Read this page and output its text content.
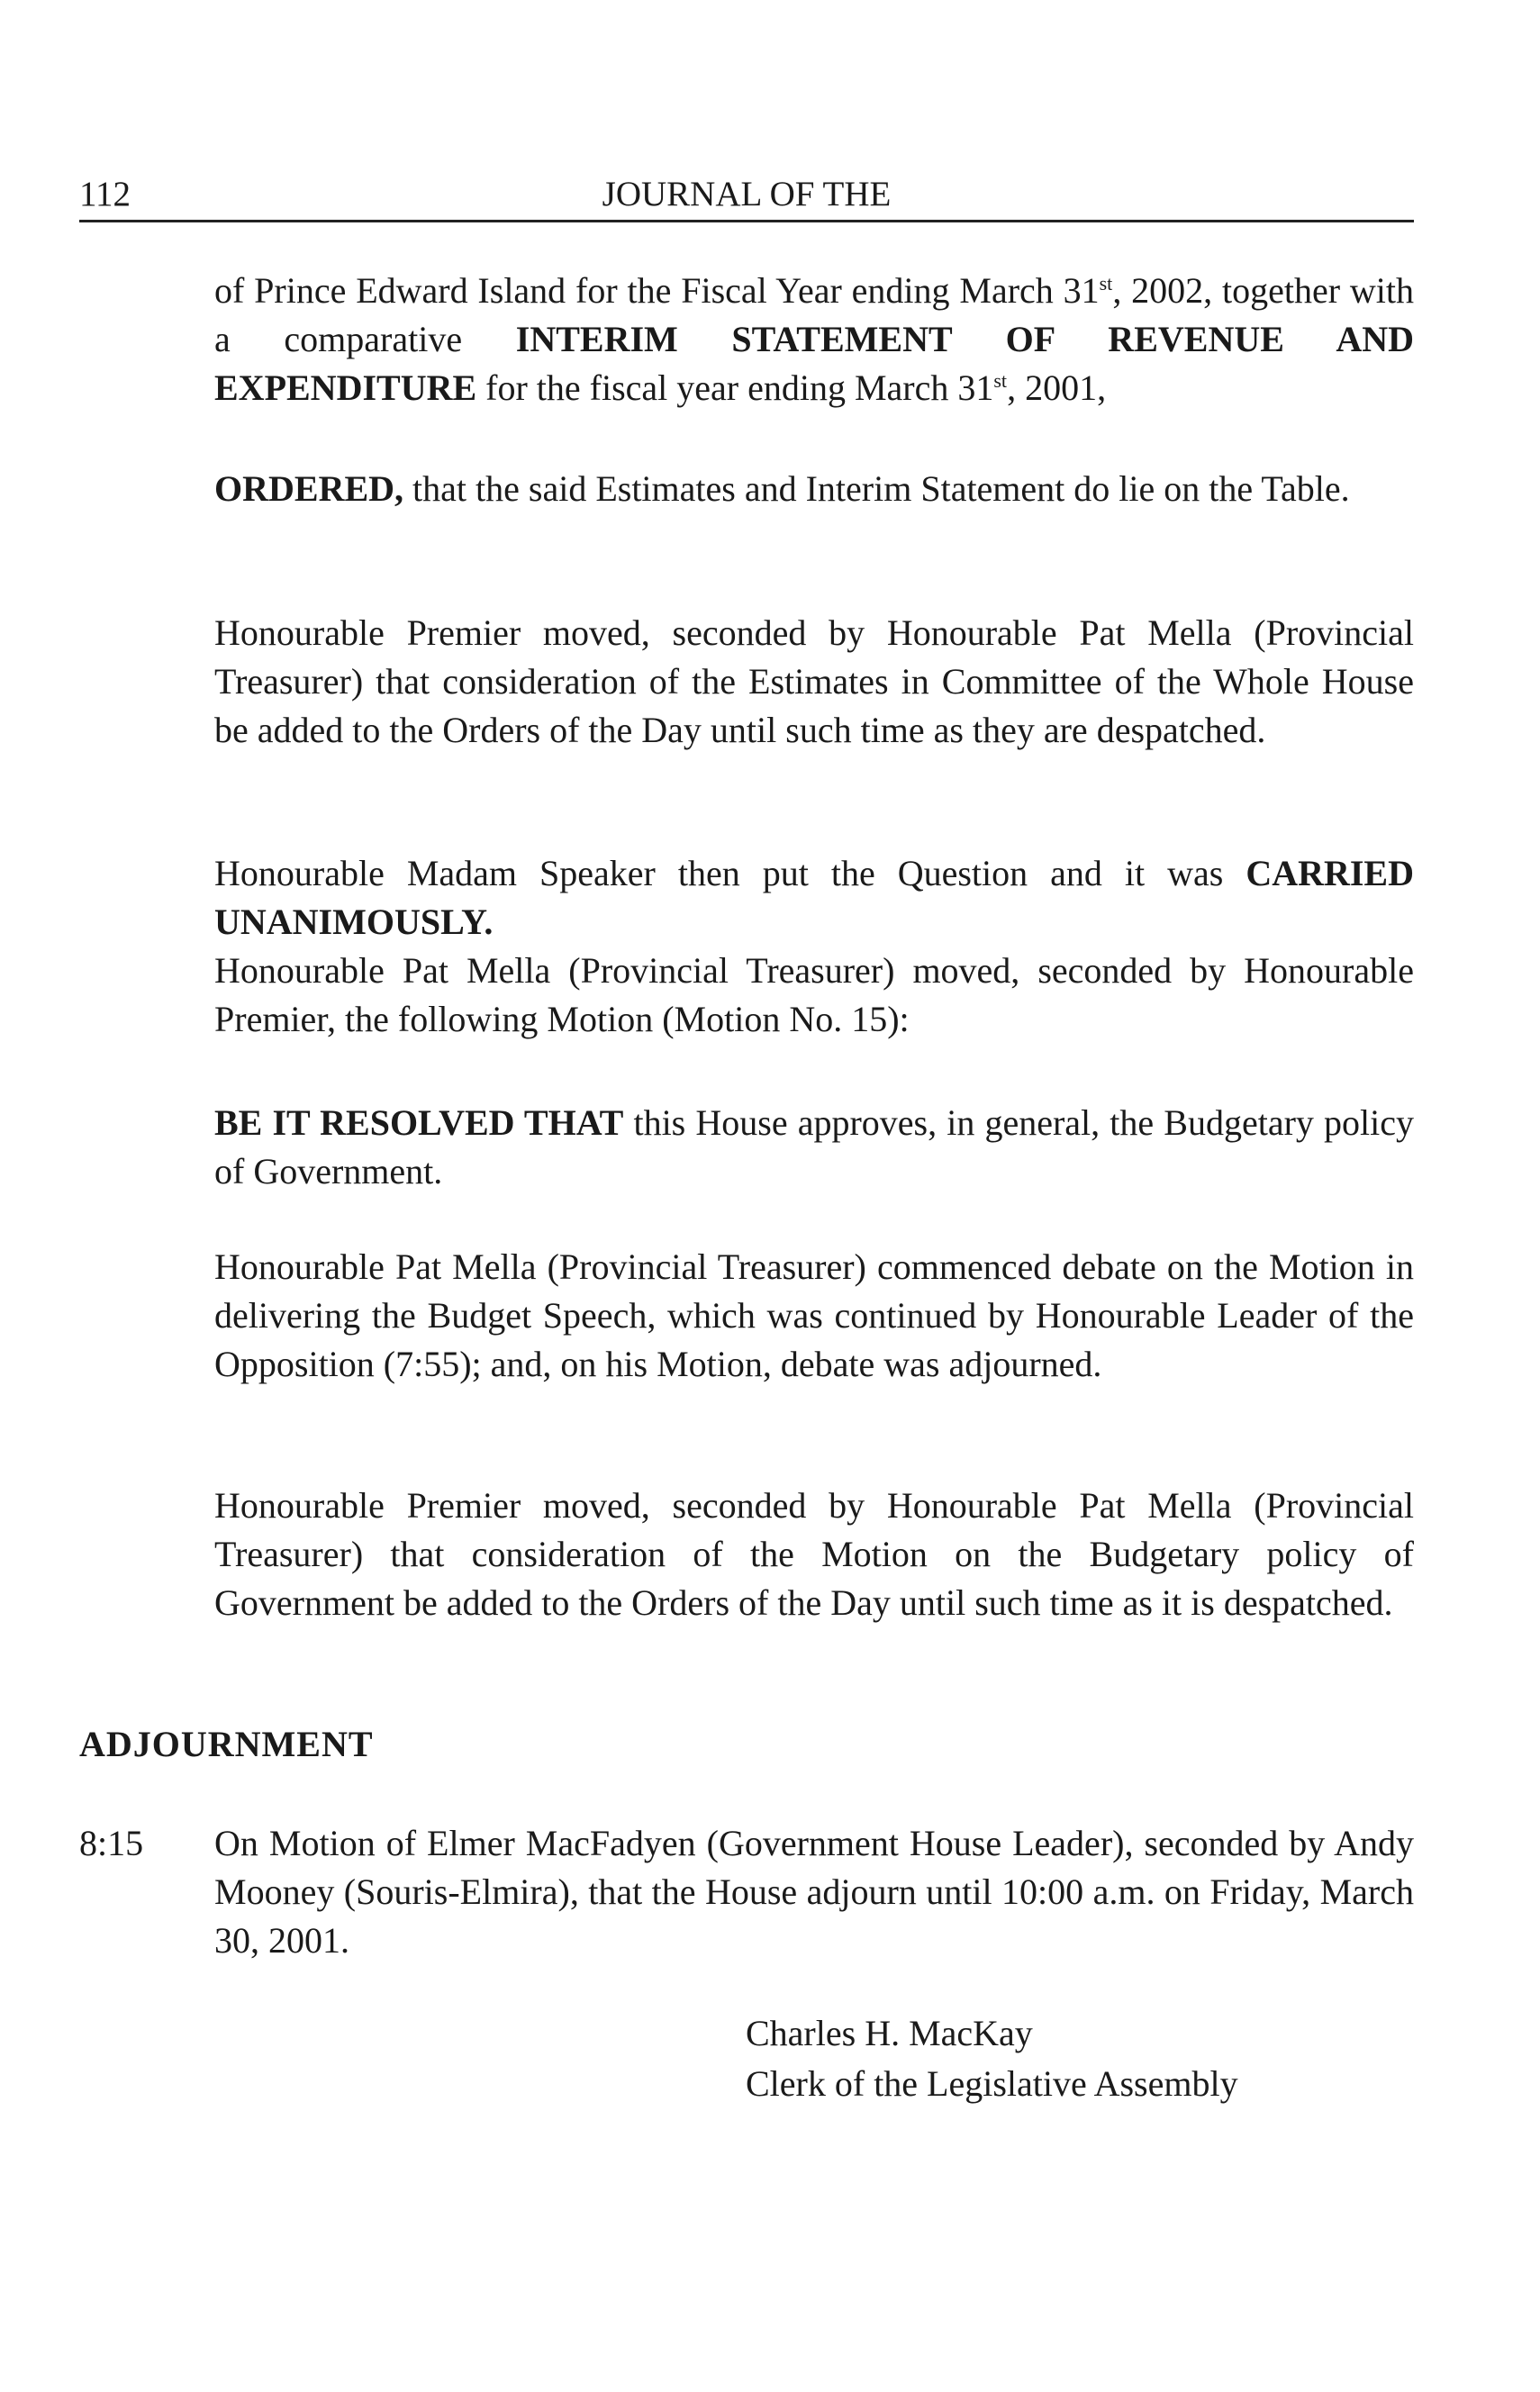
112	JOURNAL OF THE

of Prince Edward Island for the Fiscal Year ending March 31st, 2002, together with a comparative INTERIM STATEMENT OF REVENUE AND EXPENDITURE for the fiscal year ending March 31st, 2001,

ORDERED, that the said Estimates and Interim Statement do lie on the Table.

Honourable Premier moved, seconded by Honourable Pat Mella (Provincial Treasurer) that consideration of the Estimates in Committee of the Whole House be added to the Orders of the Day until such time as they are despatched.

Honourable Madam Speaker then put the Question and it was CARRIED UNANIMOUSLY.

Honourable Pat Mella (Provincial Treasurer) moved, seconded by Honourable Premier, the following Motion (Motion No. 15):

BE IT RESOLVED THAT this House approves, in general, the Budgetary policy of Government.

Honourable Pat Mella (Provincial Treasurer) commenced debate on the Motion in delivering the Budget Speech, which was continued by Honourable Leader of the Opposition (7:55); and, on his Motion, debate was adjourned.

Honourable Premier moved, seconded by Honourable Pat Mella (Provincial Treasurer) that consideration of the Motion on the Budgetary policy of Government be added to the Orders of the Day until such time as it is despatched.

ADJOURNMENT
8:15 On Motion of Elmer MacFadyen (Government House Leader), seconded by Andy Mooney (Souris-Elmira), that the House adjourn until 10:00 a.m. on Friday, March 30, 2001.

Charles H. MacKay
Clerk of the Legislative Assembly
